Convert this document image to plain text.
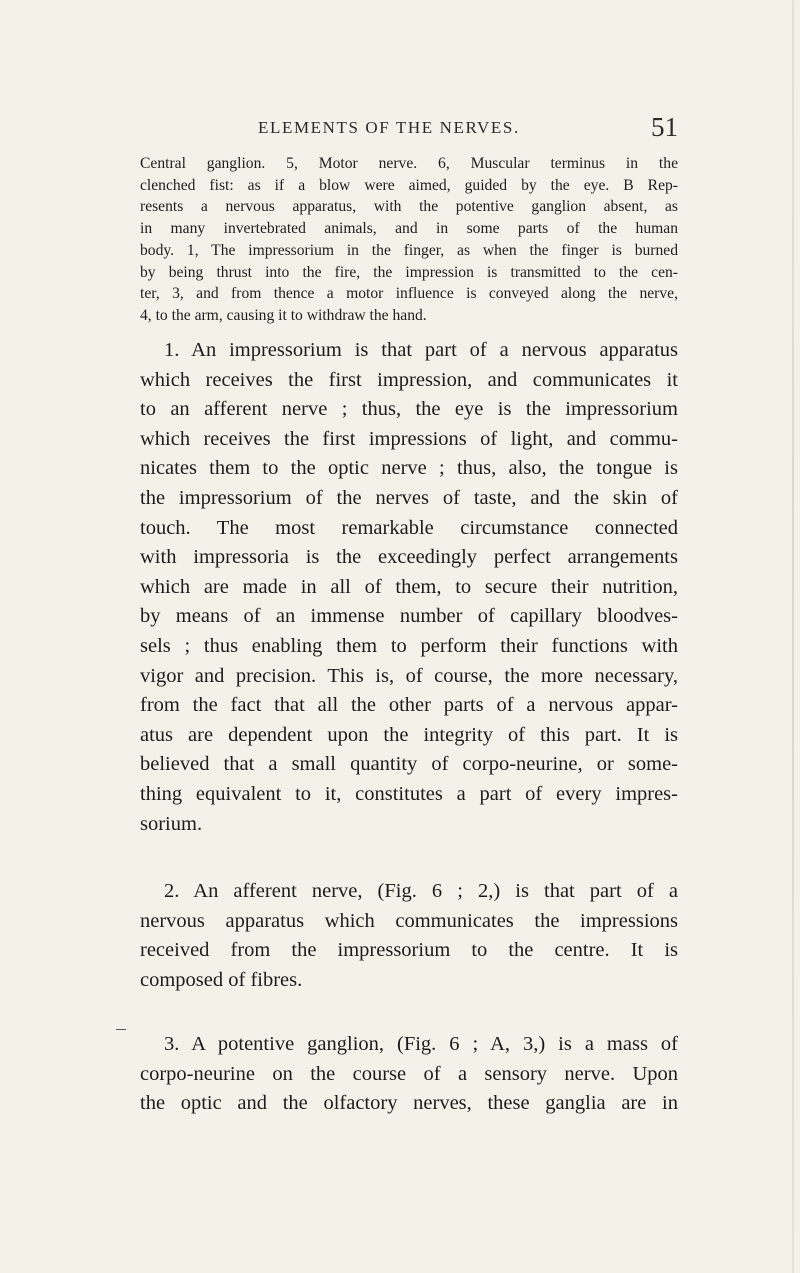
ELEMENTS OF THE NERVES.	51
Central ganglion. 5, Motor nerve. 6, Muscular terminus in the
clenched fist: as if a blow were aimed, guided by the eye. B Rep-
resents a nervous apparatus, with the potentive ganglion absent, as
in many invertebrated animals, and in some parts of the human
body. 1, The impressorium in the finger, as when the finger is burned
by being thrust into the fire, the impression is transmitted to the cen-
ter, 3, and from thence a motor influence is conveyed along the nerve,
4, to the arm, causing it to withdraw the hand.
1. An impressorium is that part of a nervous apparatus
which receives the first impression, and communicates it
to an afferent nerve ; thus, the eye is the impressorium
which receives the first impressions of light, and commu-
nicates them to the optic nerve ; thus, also, the tongue is
the impressorium of the nerves of taste, and the skin of
touch. The most remarkable circumstance connected
with impressoria is the exceedingly perfect arrangements
which are made in all of them, to secure their nutrition,
by means of an immense number of capillary bloodves-
sels ; thus enabling them to perform their functions with
vigor and precision. This is, of course, the more necessary,
from the fact that all the other parts of a nervous appar-
atus are dependent upon the integrity of this part. It is
believed that a small quantity of corpo-neurine, or some-
thing equivalent to it, constitutes a part of every impres-
sorium.
2. An afferent nerve, (Fig. 6 ; 2,) is that part of a
nervous apparatus which communicates the impressions
received from the impressorium to the centre. It is
composed of fibres.
3. A potentive ganglion, (Fig. 6 ; A, 3,) is a mass of
corpo-neurine on the course of a sensory nerve. Upon
the optic and the olfactory nerves, these ganglia are in
